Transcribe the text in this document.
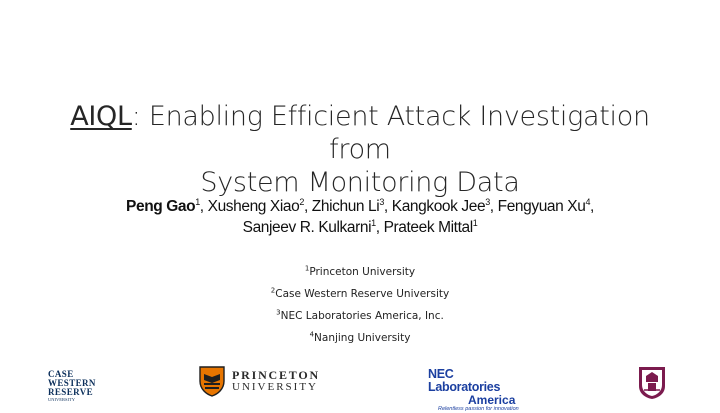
AIQL: Enabling Efficient Attack Investigation from
System Monitoring Data
Peng Gao$^1$, Xusheng Xiao$^2$, Zhichun Li$^3$, Kangkook Jee$^3$, Fengyuan Xu$^4$,
Sanjeev R. Kulkarni$^1$, Prateek Mittal$^1$
$^1$Princeton University
$^2$Case Western Reserve University
$^3$NEC Laboratories America, Inc.
$^4$Nanjing University
CASE
WESTERN
RESERVE
UNIVERSITY
PRINCETON
UNIVERSITY
NEC Laboratories
America
Relentless passion for innovation
